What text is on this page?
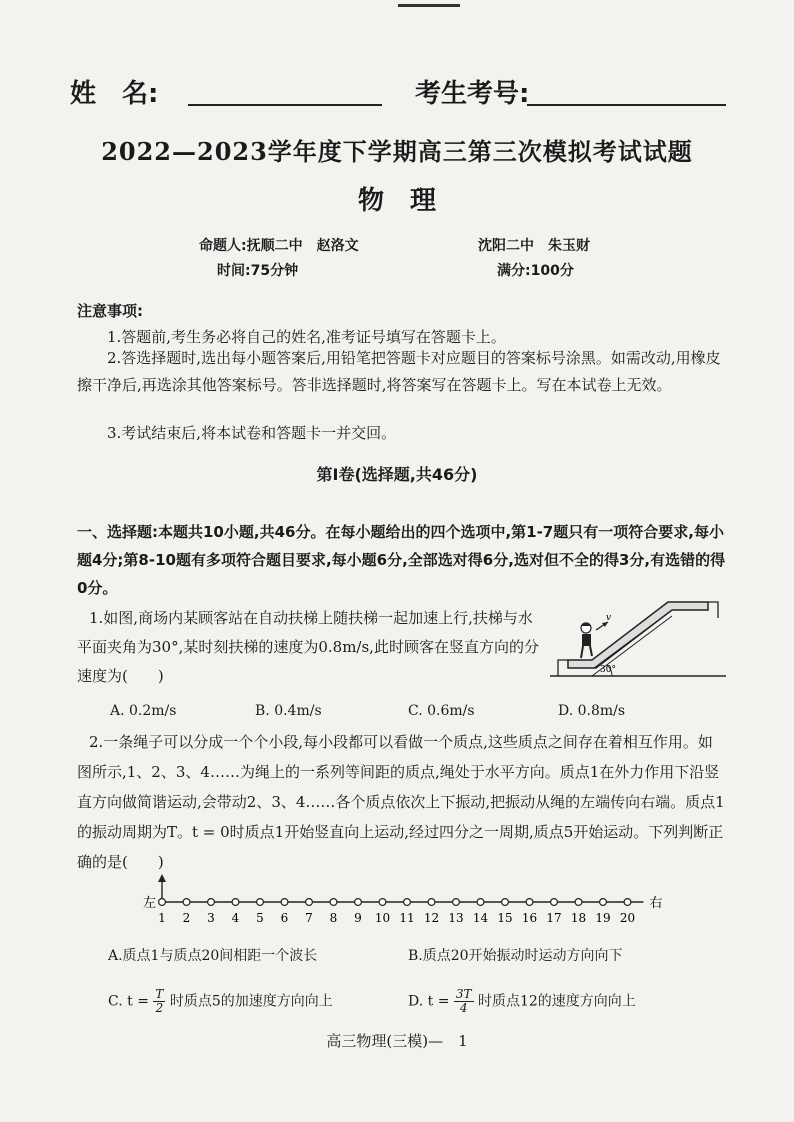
姓　名:	考生考号:
2022—2023学年度下学期高三第三次模拟考试试题
物　理
命题人:抚顺二中　赵洛文	沈阳二中　朱玉财
时间:75分钟	满分:100分
注意事项:
1.答题前,考生务必将自己的姓名,准考证号填写在答题卡上。
2.答选择题时,选出每小题答案后,用铅笔把答题卡对应题目的答案标号涂黑。如需改动,用橡皮擦干净后,再选涂其他答案标号。答非选择题时,将答案写在答题卡上。写在本试卷上无效。
3.考试结束后,将本试卷和答题卡一并交回。
第I卷(选择题,共46分)
一、选择题:本题共10小题,共46分。在每小题给出的四个选项中,第1-7题只有一项符合要求,每小题4分;第8-10题有多项符合题目要求,每小题6分,全部选对得6分,选对但不全的得3分,有选错的得0分。
1.如图,商场内某顾客站在自动扶梯上随扶梯一起加速上行,扶梯与水平面夹角为30°,某时刻扶梯的速度为0.8m/s,此时顾客在竖直方向的分速度为(　　)
v
30°
A. 0.2m/s	B. 0.4m/s	C. 0.6m/s	D. 0.8m/s
2.一条绳子可以分成一个个小段,每小段都可以看做一个质点,这些质点之间存在着相互作用。如图所示,1、2、3、4……为绳上的一系列等间距的质点,绳处于水平方向。质点1在外力作用下沿竖直方向做简谐运动,会带动2、3、4……各个质点依次上下振动,把振动从绳的左端传向右端。质点1的振动周期为T。t = 0时质点1开始竖直向上运动,经过四分之一周期,质点5开始运动。下列判断正确的是(　　)
左
1 2 3 4 5 6 7 8 9 10 11 12 13 14 15 16 17 18 19 20
右
A.质点1与质点20间相距一个波长	B.质点20开始振动时运动方向向下
C. $t = \frac{T}{2}$ 时质点5的加速度方向向上	D. $t = \frac{3T}{4}$ 时质点12的速度方向向上
高三物理(三模)—　1
